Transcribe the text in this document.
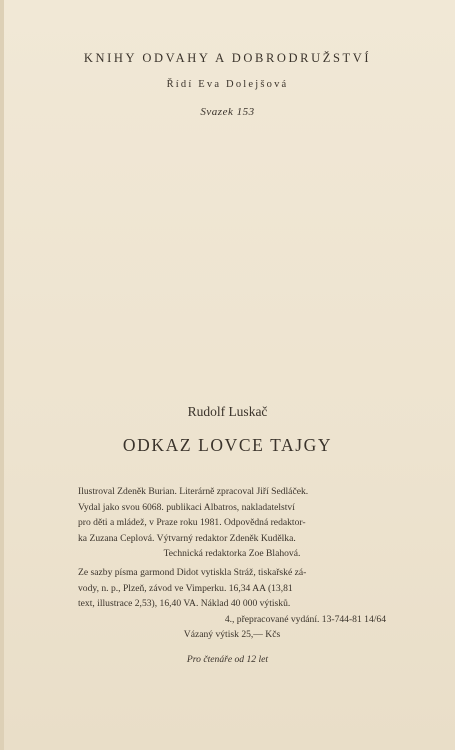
KNIHY ODVAHY A DOBRODRUŽSTVÍ
Řídí Eva Dolejšová
Svazek 153
Rudolf Luskač
ODKAZ LOVCE TAJGY
Ilustroval Zdeněk Burian. Literárně zpracoval Jiří Sedláček.
Vydal jako svou 6068. publikaci Albatros, nakladatelství
pro děti a mládež, v Praze roku 1981. Odpovědná redaktor-
ka Zuzana Ceplová. Výtvarný redaktor Zdeněk Kudělka.
Technická redaktorka Zoe Blahová.
Ze sazby písma garmond Didot vytiskla Stráž, tiskařské zá-
vody, n. p., Plzeň, závod ve Vimperku. 16,34 AA (13,81
text, illustrace 2,53), 16,40 VA. Náklad 40 000 výtisků.
4., přepracované vydání. 13-744-81 14/64
Vázaný výtisk 25,— Kčs
Pro čtenáře od 12 let
